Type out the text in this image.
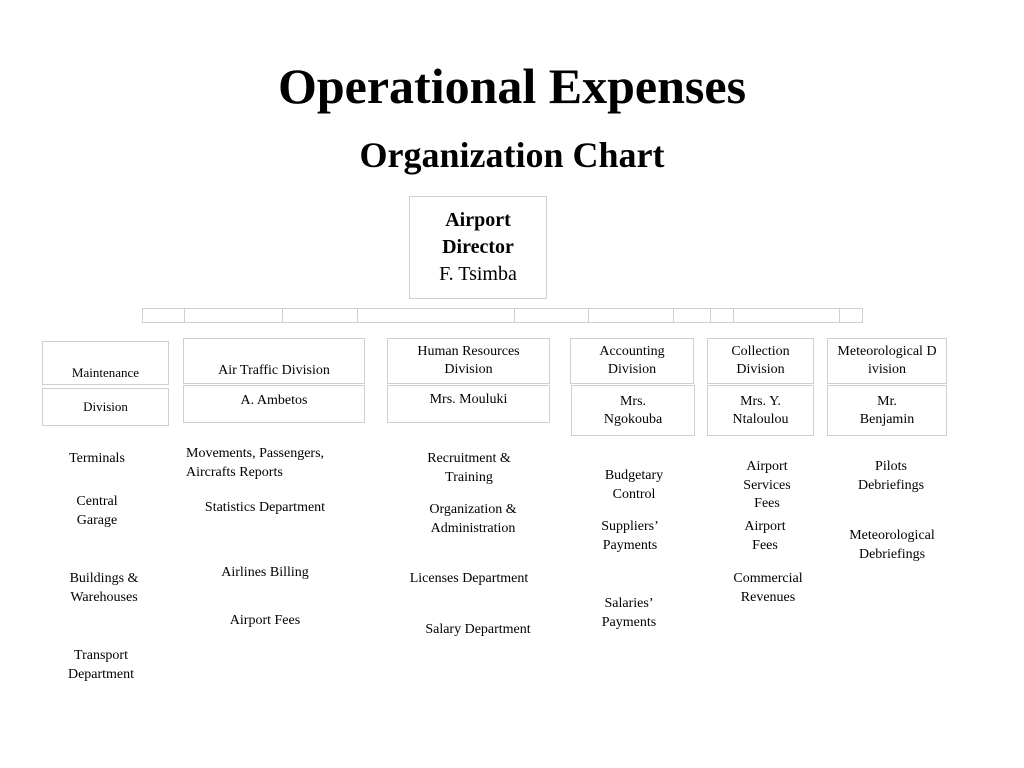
Operational Expenses
Organization Chart
Airport
Director
F. Tsimba
Maintenance
Division
Air Traffic Division
A. Ambetos
Human Resources Division
Mrs. Mouluki
Accounting Division
Mrs. Ngokouba
Collection Division
Mrs. Y. Ntaloulou
Meteorological Division
Mr. Benjamin
Terminals
Central Garage
Buildings & Warehouses
Transport Department
Movements, Passengers, Aircrafts Reports
Statistics Department
Airlines Billing
Airport Fees
Recruitment & Training
Organization & Administration
Licenses Department
Salary Department
Budgetary Control
Suppliers’ Payments
Salaries’ Payments
Airport Services Fees
Airport Fees
Commercial Revenues
Pilots Debriefings
Meteorological Debriefings
